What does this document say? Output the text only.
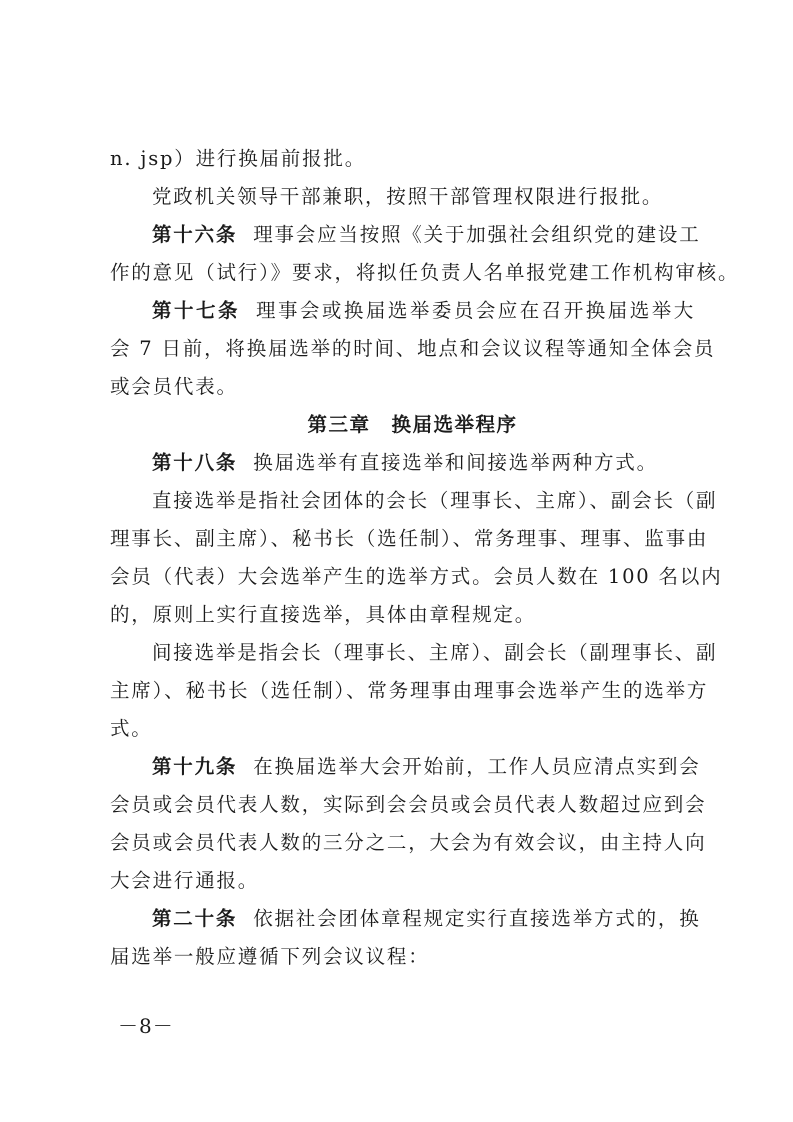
n. jsp）进行换届前报批。
党政机关领导干部兼职，按照干部管理权限进行报批。
第十六条 理事会应当按照《关于加强社会组织党的建设工
作的意见（试行）》要求，将拟任负责人名单报党建工作机构审核。
第十七条 理事会或换届选举委员会应在召开换届选举大
会 7 日前，将换届选举的时间、地点和会议议程等通知全体会员
或会员代表。
第三章　换届选举程序
第十八条 换届选举有直接选举和间接选举两种方式。
直接选举是指社会团体的会长（理事长、主席）、副会长（副
理事长、副主席）、秘书长（选任制）、常务理事、理事、监事由
会员（代表）大会选举产生的选举方式。会员人数在 100 名以内
的，原则上实行直接选举，具体由章程规定。
间接选举是指会长（理事长、主席）、副会长（副理事长、副
主席）、秘书长（选任制）、常务理事由理事会选举产生的选举方
式。
第十九条 在换届选举大会开始前，工作人员应清点实到会
会员或会员代表人数，实际到会会员或会员代表人数超过应到会
会员或会员代表人数的三分之二，大会为有效会议，由主持人向
大会进行通报。
第二十条 依据社会团体章程规定实行直接选举方式的，换
届选举一般应遵循下列会议议程：
－8－
